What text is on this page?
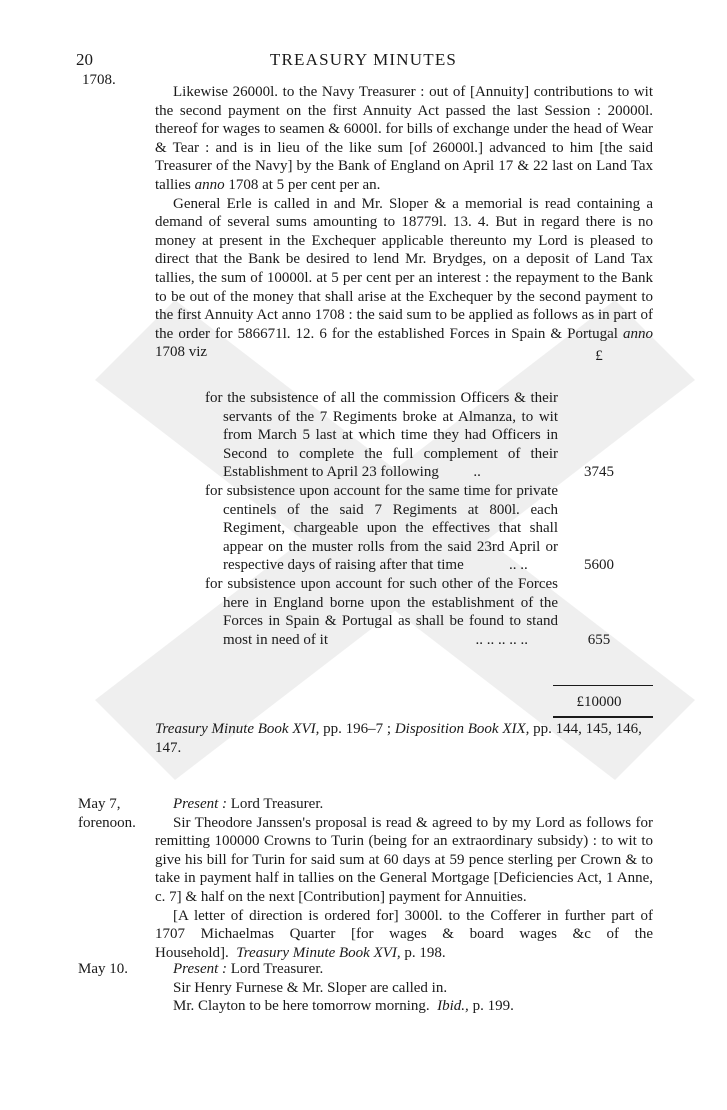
20	TREASURY MINUTES
1708.

Likewise 26000l. to the Navy Treasurer : out of [Annuity] contributions to wit the second payment on the first Annuity Act passed the last Session : 20000l. thereof for wages to seamen & 6000l. for bills of exchange under the head of Wear & Tear : and is in lieu of the like sum [of 26000l.] advanced to him [the said Treasurer of the Navy] by the Bank of England on April 17 & 22 last on Land Tax tallies anno 1708 at 5 per cent per an.

General Erle is called in and Mr. Sloper & a memorial is read containing a demand of several sums amounting to 18779l. 13. 4. But in regard there is no money at present in the Exchequer applicable thereunto my Lord is pleased to direct that the Bank be desired to lend Mr. Brydges, on a deposit of Land Tax tallies, the sum of 10000l. at 5 per cent per an interest : the repayment to the Bank to be out of the money that shall arise at the Exchequer by the second payment to the first Annuity Act anno 1708 : the said sum to be applied as follows as in part of the order for 586671l. 12. 6 for the established Forces in Spain & Portugal anno 1708 viz	£
for the subsistence of all the commission Officers & their servants of the 7 Regiments broke at Almanza, to wit from March 5 last at which time they had Officers in Second to complete the full complement of their Establishment to April 23 following ..	3745
for subsistence upon account for the same time for private centinels of the said 7 Regiments at 800l. each Regiment, chargeable upon the effectives that shall appear on the muster rolls from the said 23rd April or respective days of raising after that time	.. ..	5600
for subsistence upon account for such other of the Forces here in England borne upon the establishment of the Forces in Spain & Portugal as shall be found to stand most in need of it	.. .. .. .. ..	655
£10000

Treasury Minute Book XVI, pp. 196–7 ; Disposition Book XIX, pp. 144, 145, 146, 147.

May 7,
forenoon.

Present : Lord Treasurer.

Sir Theodore Janssen's proposal is read & agreed to by my Lord as follows for remitting 100000 Crowns to Turin (being for an extraordinary subsidy) : to wit to give his bill for Turin for said sum at 60 days at 59 pence sterling per Crown & to take in payment half in tallies on the General Mortgage [Deficiencies Act, 1 Anne, c. 7] & half on the next [Contribution] payment for Annuities.

[A letter of direction is ordered for] 3000l. to the Cofferer in further part of 1707 Michaelmas Quarter [for wages & board wages &c of the Household]. Treasury Minute Book XVI, p. 198.

May 10.	Present : Lord Treasurer.

Sir Henry Furnese & Mr. Sloper are called in.

Mr. Clayton to be here tomorrow morning. Ibid., p. 199.
